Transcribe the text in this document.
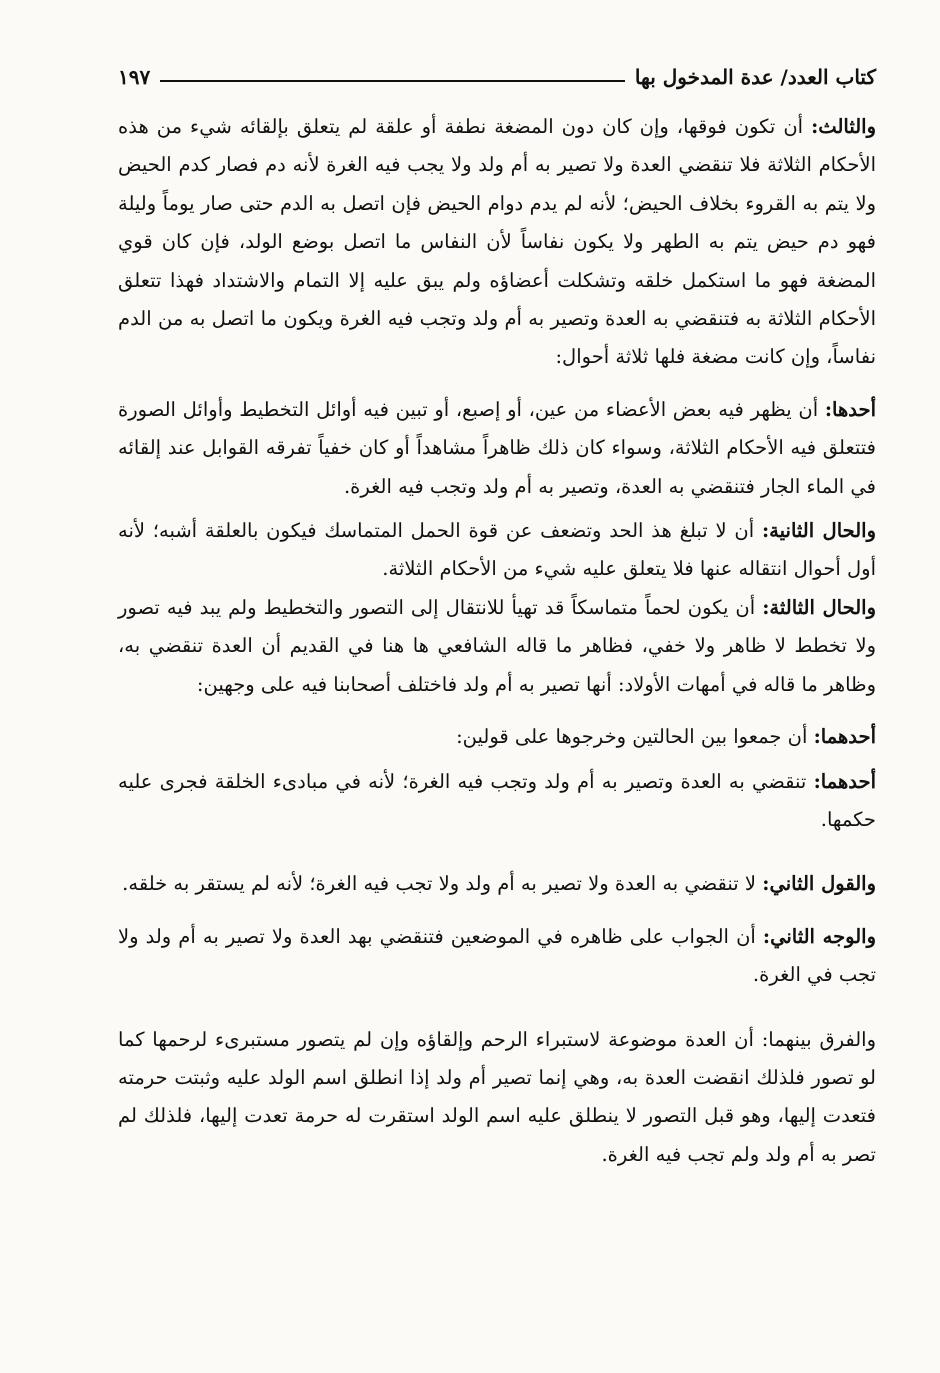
كتاب العدد/ عدة المدخول بها
١٩٧

والثالث: أن تكون فوقها، وإن كان دون المضغة نطفة أو علقة لم يتعلق بإلقائه شيء من هذه الأحكام الثلاثة فلا تنقضي العدة ولا تصير به أم ولد ولا يجب فيه الغرة لأنه دم فصار كدم الحيض ولا يتم به القروء بخلاف الحيض؛ لأنه لم يدم دوام الحيض فإن اتصل به الدم حتى صار يوماً وليلة فهو دم حيض يتم به الطهر ولا يكون نفاساً لأن النفاس ما اتصل بوضع الولد، فإن كان قوي المضغة فهو ما استكمل خلقه وتشكلت أعضاؤه ولم يبق عليه إلا التمام والاشتداد فهذا تتعلق الأحكام الثلاثة به فتنقضي به العدة وتصير به أم ولد وتجب فيه الغرة ويكون ما اتصل به من الدم نفاساً، وإن كانت مضغة فلها ثلاثة أحوال:

أحدها: أن يظهر فيه بعض الأعضاء من عين، أو إصبع، أو تبين فيه أوائل التخطيط وأوائل الصورة فتتعلق فيه الأحكام الثلاثة، وسواء كان ذلك ظاهراً مشاهداً أو كان خفياً تفرقه القوابل عند إلقائه في الماء الجار فتنقضي به العدة، وتصير به أم ولد وتجب فيه الغرة.

والحال الثانية: أن لا تبلغ هذ الحد وتضعف عن قوة الحمل المتماسك فيكون بالعلقة أشبه؛ لأنه أول أحوال انتقاله عنها فلا يتعلق عليه شيء من الأحكام الثلاثة.

والحال الثالثة: أن يكون لحماً متماسكاً قد تهيأ للانتقال إلى التصور والتخطيط ولم يبد فيه تصور ولا تخطط لا ظاهر ولا خفي، فظاهر ما قاله الشافعي ها هنا في القديم أن العدة تنقضي به، وظاهر ما قاله في أمهات الأولاد: أنها تصير به أم ولد فاختلف أصحابنا فيه على وجهين:

أحدهما: أن جمعوا بين الحالتين وخرجوها على قولين:

أحدهما: تنقضي به العدة وتصير به أم ولد وتجب فيه الغرة؛ لأنه في مبادىء الخلقة فجرى عليه حكمها.

والقول الثاني: لا تنقضي به العدة ولا تصير به أم ولد ولا تجب فيه الغرة؛ لأنه لم يستقر به خلقه.

والوجه الثاني: أن الجواب على ظاهره في الموضعين فتنقضي بهد العدة ولا تصير به أم ولد ولا تجب في الغرة.

والفرق بينهما: أن العدة موضوعة لاستبراء الرحم وإلقاؤه وإن لم يتصور مستبرىء لرحمها كما لو تصور فلذلك انقضت العدة به، وهي إنما تصير أم ولد إذا انطلق اسم الولد عليه وثبتت حرمته فتعدت إليها، وهو قبل التصور لا ينطلق عليه اسم الولد استقرت له حرمة تعدت إليها، فلذلك لم تصر به أم ولد ولم تجب فيه الغرة.
